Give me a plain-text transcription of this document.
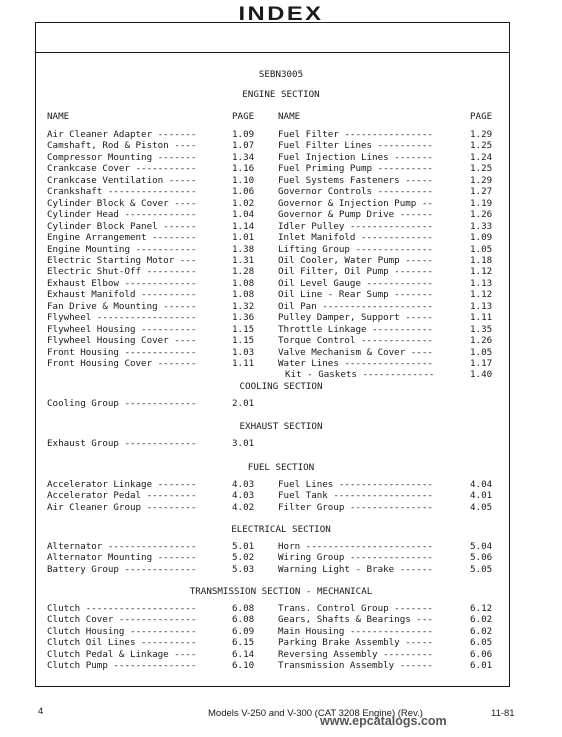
INDEX
SEBN3005
NAME	PAGE	NAME	PAGE
ENGINE SECTION
Air Cleaner Adapter -------	1.09
Camshaft, Rod & Piston ----	1.07
Compressor Mounting -------	1.34
Crankcase Cover -----------	1.16
Crankcase Ventilation -----	1.10
Crankshaft ----------------	1.06
Cylinder Block & Cover ----	1.02
Cylinder Head -------------	1.04
Cylinder Block Panel ------	1.14
Engine Arrangement --------	1.01
Engine Mounting -----------	1.38
Electric Starting Motor ---	1.31
Electric Shut-Off ---------	1.28
Exhaust Elbow -------------	1.08
Exhaust Manifold ----------	1.08
Fan Drive & Mounting ------	1.32
Flywheel ------------------	1.36
Flywheel Housing ----------	1.15
Flywheel Housing Cover ----	1.15
Front Housing -------------	1.03
Front Housing Cover -------	1.11
Fuel Filter ----------------	1.29
Fuel Filter Lines ----------	1.25
Fuel Injection Lines -------	1.24
Fuel Priming Pump ----------	1.25
Fuel Systems Fasteners -----	1.29
Governor Controls ----------	1.27
Governor & Injection Pump --	1.19
Governor & Pump Drive ------	1.26
Idler Pulley ---------------	1.33
Inlet Manifold -------------	1.09
Lifting Group --------------	1.05
Oil Cooler, Water Pump -----	1.18
Oil Filter, Oil Pump -------	1.12
Oil Level Gauge ------------	1.13
Oil Line - Rear Sump -------	1.12
Oil Pan --------------------	1.13
Pulley Damper, Support -----	1.11
Throttle Linkage -----------	1.35
Torque Control -------------	1.26
Valve Mechanism & Cover ----	1.05
Water Lines ----------------	1.17
Kit - Gaskets -------------	1.40
COOLING SECTION
Cooling Group -------------	2.01
EXHAUST SECTION
Exhaust Group -------------	3.01
FUEL SECTION
Accelerator Linkage -------	4.03
Accelerator Pedal ---------	4.03
Air Cleaner Group ---------	4.02
Fuel Lines -----------------	4.04
Fuel Tank ------------------	4.01
Filter Group ---------------	4.05
ELECTRICAL SECTION
Alternator ----------------	5.01
Alternator Mounting -------	5.02
Battery Group -------------	5.03
Horn -----------------------	5.04
Wiring Group ---------------	5.06
Warning Light - Brake ------	5.05
TRANSMISSION SECTION - MECHANICAL
Clutch --------------------	6.08
Clutch Cover --------------	6.08
Clutch Housing ------------	6.09
Clutch Oil Lines ----------	6.15
Clutch Pedal & Linkage ----	6.14
Clutch Pump ---------------	6.10
Trans. Control Group -------	6.12
Gears, Shafts & Bearings ---	6.02
Main Housing ---------------	6.02
Parking Brake Assembly -----	6.05
Reversing Assembly ---------	6.06
Transmission Assembly ------	6.01
4	Models V-250 and V-300 (CAT 3208 Engine) (Rev.)	11-81
www.epcatalogs.com
